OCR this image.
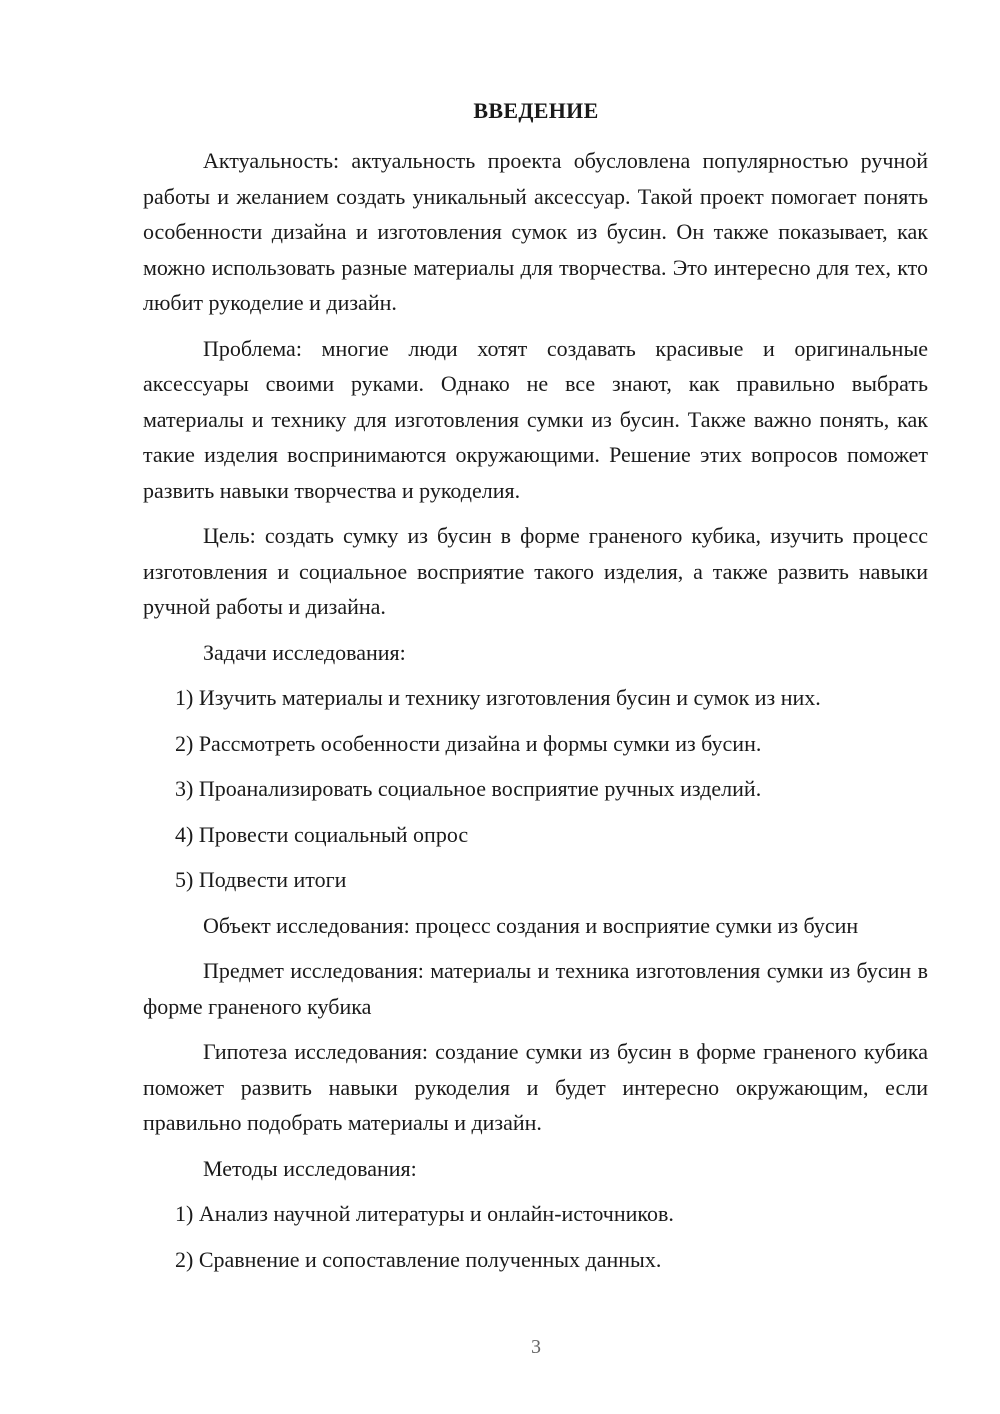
ВВЕДЕНИЕ

Актуальность: актуальность проекта обусловлена популярностью ручной работы и желанием создать уникальный аксессуар. Такой проект помогает понять особенности дизайна и изготовления сумок из бусин. Он также показывает, как можно использовать разные материалы для творчества. Это интересно для тех, кто любит рукоделие и дизайн.

Проблема: многие люди хотят создавать красивые и оригинальные аксессуары своими руками. Однако не все знают, как правильно выбрать материалы и технику для изготовления сумки из бусин. Также важно понять, как такие изделия воспринимаются окружающими. Решение этих вопросов поможет развить навыки творчества и рукоделия.

Цель: создать сумку из бусин в форме граненого кубика, изучить процесс изготовления и социальное восприятие такого изделия, а также развить навыки ручной работы и дизайна.

Задачи исследования:

1) Изучить материалы и технику изготовления бусин и сумок из них.

2) Рассмотреть особенности дизайна и формы сумки из бусин.

3) Проанализировать социальное восприятие ручных изделий.

4) Провести социальный опрос

5) Подвести итоги

Объект исследования: процесс создания и восприятие сумки из бусин

Предмет исследования: материалы и техника изготовления сумки из бусин в форме граненого кубика

Гипотеза исследования: создание сумки из бусин в форме граненого кубика поможет развить навыки рукоделия и будет интересно окружающим, если правильно подобрать материалы и дизайн.

Методы исследования:

1) Анализ научной литературы и онлайн-источников.

2) Сравнение и сопоставление полученных данных.

3
